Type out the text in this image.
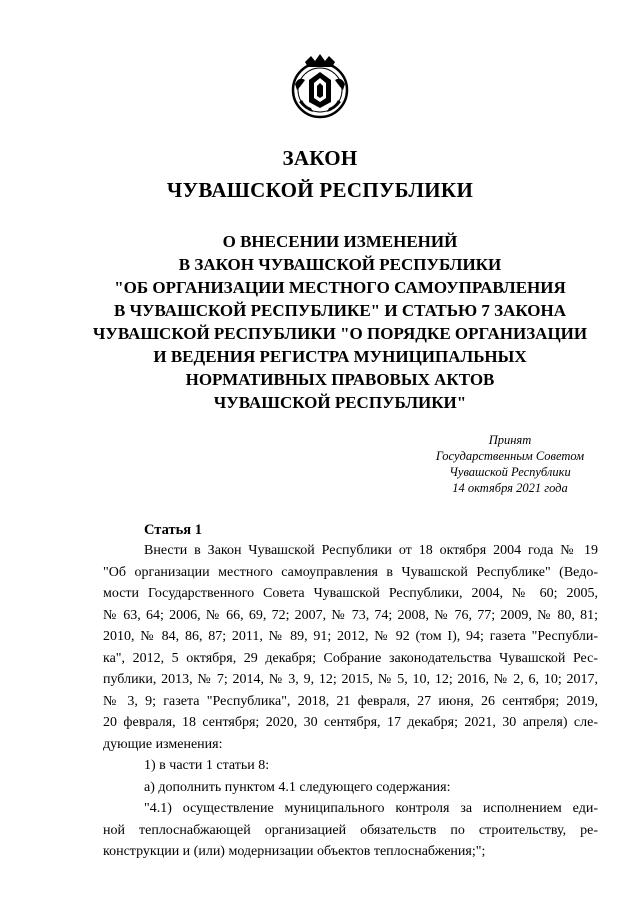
ЗАКОН
ЧУВАШСКОЙ РЕСПУБЛИКИ
О ВНЕСЕНИИ ИЗМЕНЕНИЙ
В ЗАКОН ЧУВАШСКОЙ РЕСПУБЛИКИ
"ОБ ОРГАНИЗАЦИИ МЕСТНОГО САМОУПРАВЛЕНИЯ
В ЧУВАШСКОЙ РЕСПУБЛИКЕ" И СТАТЬЮ 7 ЗАКОНА
ЧУВАШСКОЙ РЕСПУБЛИКИ "О ПОРЯДКЕ ОРГАНИЗАЦИИ
И ВЕДЕНИЯ РЕГИСТРА МУНИЦИПАЛЬНЫХ
НОРМАТИВНЫХ ПРАВОВЫХ АКТОВ
ЧУВАШСКОЙ РЕСПУБЛИКИ"
Принят
Государственным Советом
Чувашской Республики
14 октября 2021 года
Статья 1
Внести в Закон Чувашской Республики от 18 октября 2004 года № 19
"Об организации местного самоуправления в Чувашской Республике" (Ведо-
мости Государственного Совета Чувашской Республики, 2004, № 60; 2005,
№ 63, 64; 2006, № 66, 69, 72; 2007, № 73, 74; 2008, № 76, 77; 2009, № 80, 81;
2010, № 84, 86, 87; 2011, № 89, 91; 2012, № 92 (том I), 94; газета "Республи-
ка", 2012, 5 октября, 29 декабря; Собрание законодательства Чувашской Рес-
публики, 2013, № 7; 2014, № 3, 9, 12; 2015, № 5, 10, 12; 2016, № 2, 6, 10; 2017,
№ 3, 9; газета "Республика", 2018, 21 февраля, 27 июня, 26 сентября; 2019,
20 февраля, 18 сентября; 2020, 30 сентября, 17 декабря; 2021, 30 апреля) сле-
дующие изменения:
1) в части 1 статьи 8:
а) дополнить пунктом 4.1 следующего содержания:
"4.1) осуществление муниципального контроля за исполнением еди-
ной теплоснабжающей организацией обязательств по строительству, ре-
конструкции и (или) модернизации объектов теплоснабжения;";
